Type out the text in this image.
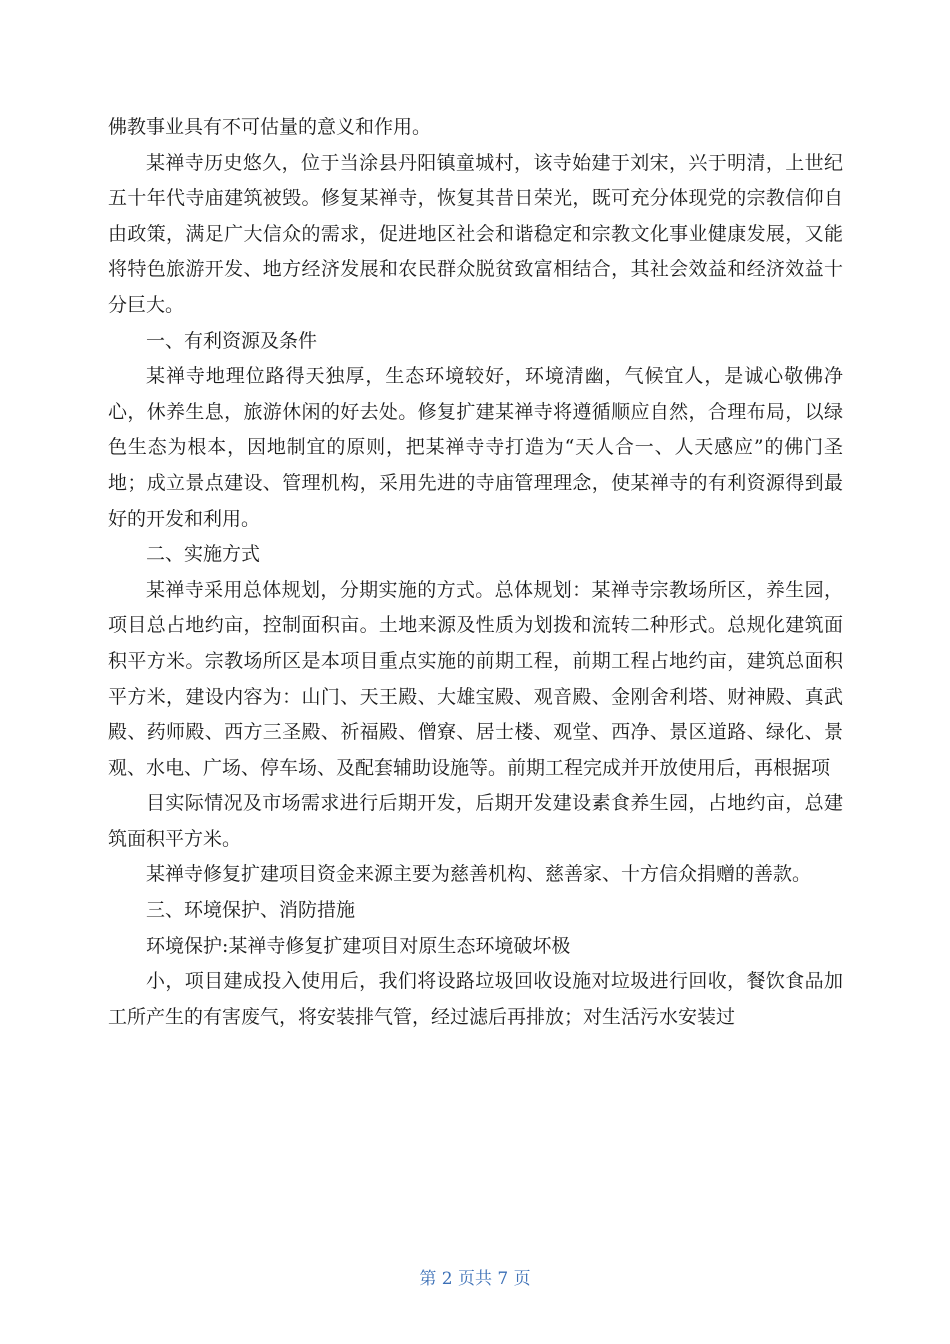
佛教事业具有不可估量的意义和作用。

某禅寺历史悠久，位于当涂县丹阳镇童城村，该寺始建于刘宋，兴于明清，上世纪五十年代寺庙建筑被毁。修复某禅寺，恢复其昔日荣光，既可充分体现党的宗教信仰自由政策，满足广大信众的需求，促进地区社会和谐稳定和宗教文化事业健康发展，又能将特色旅游开发、地方经济发展和农民群众脱贫致富相结合，其社会效益和经济效益十分巨大。

一、有利资源及条件

某禅寺地理位路得天独厚，生态环境较好，环境清幽，气候宜人，是诚心敬佛净心，休养生息，旅游休闲的好去处。修复扩建某禅寺将遵循顺应自然，合理布局，以绿色生态为根本，因地制宜的原则，把某禅寺寺打造为“天人合一、人天感应”的佛门圣地；成立景点建设、管理机构，采用先进的寺庙管理理念，使某禅寺的有利资源得到最好的开发和利用。

二、实施方式

某禅寺采用总体规划，分期实施的方式。总体规划：某禅寺宗教场所区，养生园，项目总占地约亩，控制面积亩。土地来源及性质为划拨和流转二种形式。总规化建筑面积平方米。宗教场所区是本项目重点实施的前期工程，前期工程占地约亩，建筑总面积平方米，建设内容为：山门、天王殿、大雄宝殿、观音殿、金刚舍利塔、财神殿、真武殿、药师殿、西方三圣殿、祈福殿、僧寮、居士楼、观堂、西净、景区道路、绿化、景观、水电、广场、停车场、及配套辅助设施等。前期工程完成并开放使用后，再根据项

目实际情况及市场需求进行后期开发，后期开发建设素食养生园，占地约亩，总建筑面积平方米。

某禅寺修复扩建项目资金来源主要为慈善机构、慈善家、十方信众捐赠的善款。

三、环境保护、消防措施

环境保护:某禅寺修复扩建项目对原生态环境破坏极

小，项目建成投入使用后，我们将设路垃圾回收设施对垃圾进行回收，餐饮食品加工所产生的有害废气，将安装排气管，经过滤后再排放；对生活污水安装过

第 2 页共 7 页
